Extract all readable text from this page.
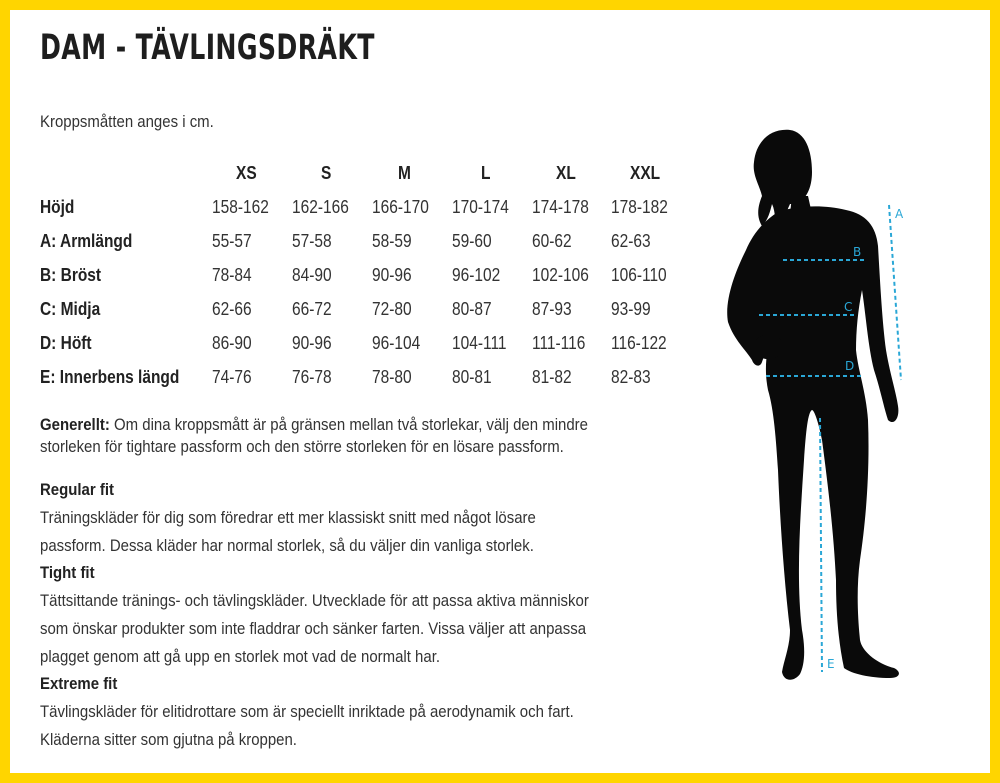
DAM - TÄVLINGSDRÄKT
Kroppsmåtten anges i cm.
XS	S	M	L	XL	XXL
Höjd	158-162 162-166 166-170 170-174 174-178 178-182
A: Armlängd	55-57 57-58 58-59 59-60 60-62 62-63
B: Bröst	78-84 84-90 90-96 96-102 102-106 106-110
C: Midja	62-66 66-72 72-80 80-87 87-93 93-99
D: Höft	86-90 90-96 96-104 104-111 111-116 116-122
E: Innerbens längd 74-76 76-78 78-80 80-81 81-82 82-83
Generellt: Om dina kroppsmått är på gränsen mellan två storlekar, välj den mindre
storleken för tightare passform och den större storleken för en lösare passform.
Regular fit
Träningskläder för dig som föredrar ett mer klassiskt snitt med något lösare
passform. Dessa kläder har normal storlek, så du väljer din vanliga storlek.
Tight fit
Tättsittande tränings- och tävlingskläder. Utvecklade för att passa aktiva människor
som önskar produkter som inte fladdrar och sänker farten. Vissa väljer att anpassa
plagget genom att gå upp en storlek mot vad de normalt har.
Extreme fit
Tävlingskläder för elitidrottare som är speciellt inriktade på aerodynamik och fart.
Kläderna sitter som gjutna på kroppen.
A
B
C
D
E
